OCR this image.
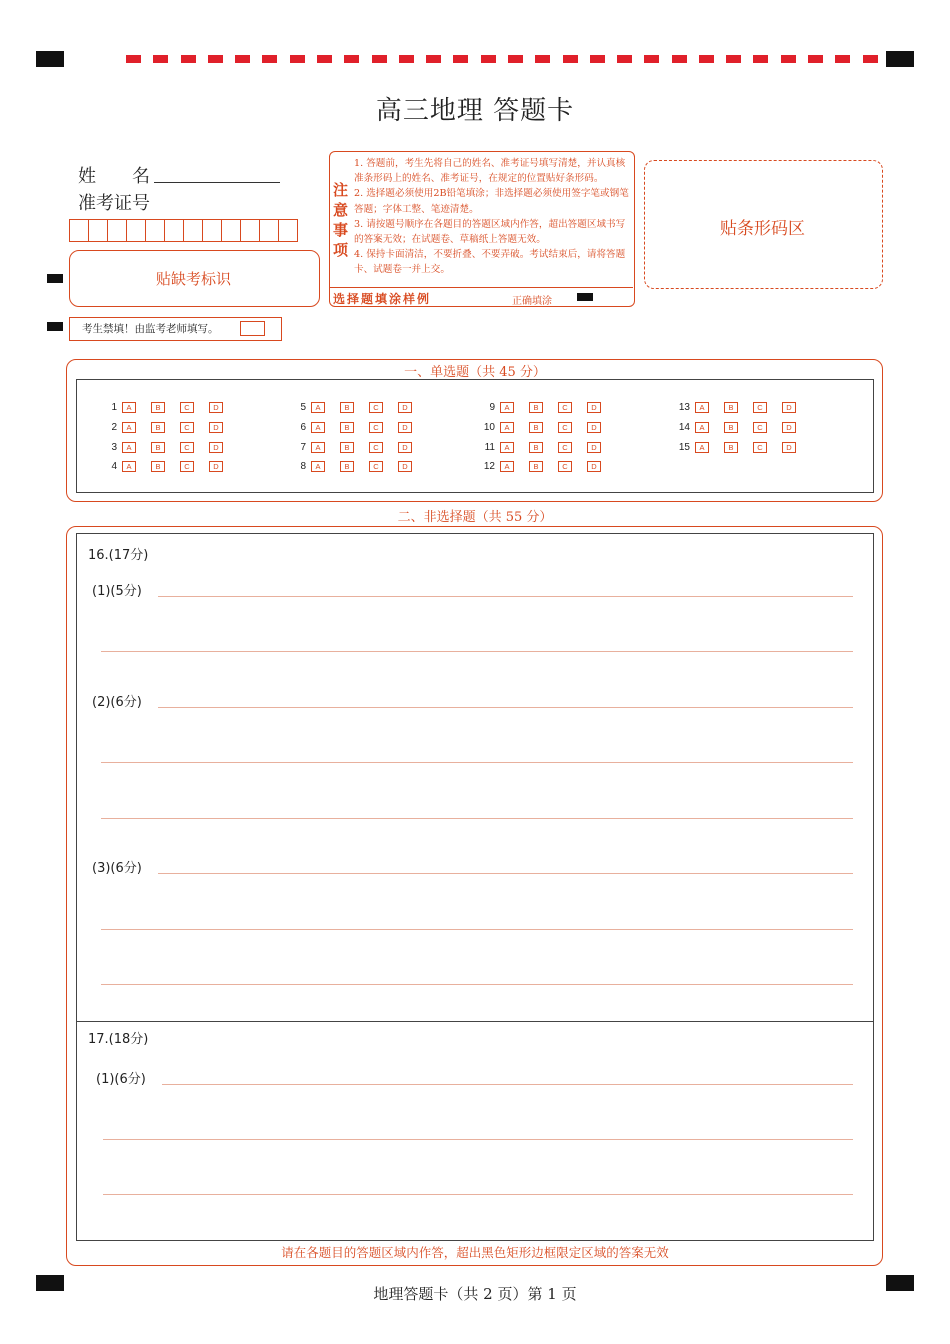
高三地理 答题卡
姓　　名
准考证号
贴缺考标识
考生禁填！由监考老师填写。
注
意
事
项
1. 答题前，考生先将自己的姓名、准考证号填写清楚，并认真核准条形码上的姓名、准考证号，在规定的位置贴好条形码。
2. 选择题必须使用2B铅笔填涂；非选择题必须使用签字笔或钢笔答题；字体工整、笔迹清楚。
3. 请按题号顺序在各题目的答题区域内作答，超出答题区域书写的答案无效；在试题卷、草稿纸上答题无效。
4. 保持卡面清洁，不要折叠、不要弄破。考试结束后，请将答题卡、试题卷一并上交。
选择题填涂样例	正确填涂
贴条形码区
一、单选题（共 45 分）
1	A	B	C	D
2	A	B	C	D
3	A	B	C	D
4	A	B	C	D
5	A	B	C	D
6	A	B	C	D
7	A	B	C	D
8	A	B	C	D
9	A	B	C	D
10	A	B	C	D
11	A	B	C	D
12	A	B	C	D
13	A	B	C	D
14	A	B	C	D
15	A	B	C	D
二、非选择题（共 55 分）
16.(17分)
(1)(5分)
(2)(6分)
(3)(6分)
17.(18分)
(1)(6分)
请在各题目的答题区域内作答，超出黑色矩形边框限定区域的答案无效
地理答题卡（共 2 页）第 1 页
